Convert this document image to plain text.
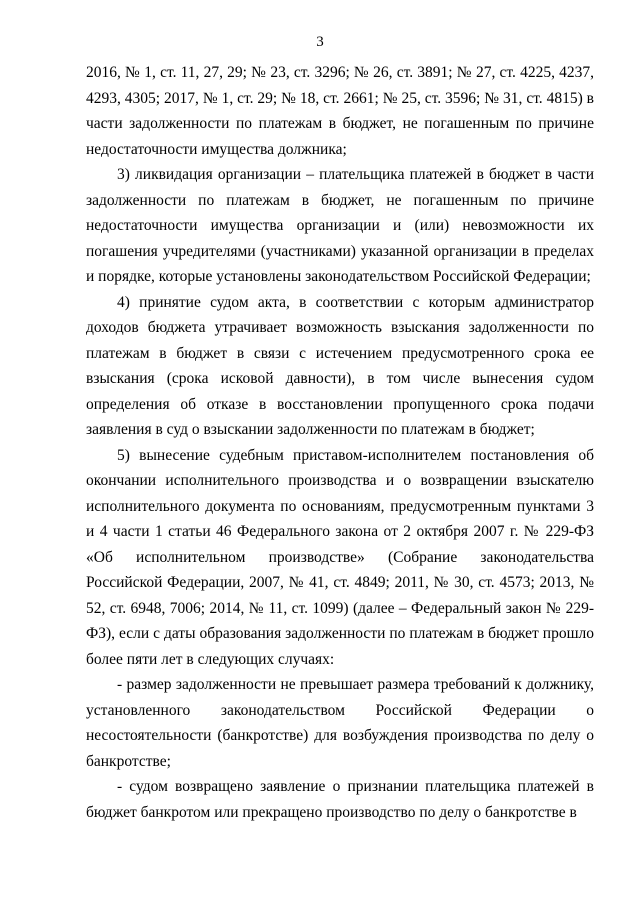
3

2016, № 1, ст. 11, 27, 29; № 23, ст. 3296; № 26, ст. 3891; № 27, ст. 4225, 4237, 4293, 4305; 2017, № 1, ст. 29; № 18, ст. 2661; № 25, ст. 3596; № 31, ст. 4815) в части задолженности по платежам в бюджет, не погашенным по причине недостаточности имущества должника;

3) ликвидация организации – плательщика платежей в бюджет в части задолженности по платежам в бюджет, не погашенным по причине недостаточности имущества организации и (или) невозможности их погашения учредителями (участниками) указанной организации в пределах и порядке, которые установлены законодательством Российской Федерации;

4) принятие судом акта, в соответствии с которым администратор доходов бюджета утрачивает возможность взыскания задолженности по платежам в бюджет в связи с истечением предусмотренного срока ее взыскания (срока исковой давности), в том числе вынесения судом определения об отказе в восстановлении пропущенного срока подачи заявления в суд о взыскании задолженности по платежам в бюджет;

5) вынесение судебным приставом-исполнителем постановления об окончании исполнительного производства и о возвращении взыскателю исполнительного документа по основаниям, предусмотренным пунктами 3 и 4 части 1 статьи 46 Федерального закона от 2 октября 2007 г. № 229-ФЗ «Об исполнительном производстве» (Собрание законодательства Российской Федерации, 2007, № 41, ст. 4849; 2011, № 30, ст. 4573; 2013, № 52, ст. 6948, 7006; 2014, № 11, ст. 1099) (далее – Федеральный закон № 229-ФЗ), если с даты образования задолженности по платежам в бюджет прошло более пяти лет в следующих случаях:

- размер задолженности не превышает размера требований к должнику, установленного законодательством Российской Федерации о несостоятельности (банкротстве) для возбуждения производства по делу о банкротстве;

- судом возвращено заявление о признании плательщика платежей в бюджет банкротом или прекращено производство по делу о банкротстве в
